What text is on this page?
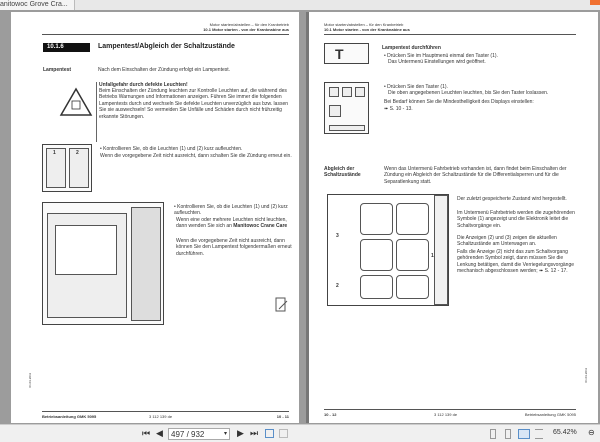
anitowoc Grove Cra...
Motor starten/abstellen – für den Kranbetrieb
10.1 Motor starten - von der Kranknabine aus
10.1.6	Lampentest/Abgleich der Schaltzustände
Lampentest	Nach dem Einschalten der Zündung erfolgt ein Lampentest.
Unfallgefahr durch defekte Leuchten!
Beim Einschalten der Zündung leuchten zur Kontrolle Leuchten auf, die während des Betriebs Warnungen und Informationen anzeigen. Führen Sie immer die folgenden Lampentests durch und wechseln Sie defekte Leuchten unverzüglich aus bzw. lassen Sie sie auswechseln! So vermeiden Sie Unfälle und Schäden durch nicht frühzeitig erkannte Störungen.
1	2
• Kontrollieren Sie, ob die Leuchten (1) und (2) kurz aufleuchten.
Wenn die vorgegebene Zeit nicht ausreicht, dann schalten Sie die Zündung erneut ein.
• Kontrollieren Sie, ob die Leuchten (1) und (2) kurz aufleuchten.
Wenn eine oder mehrere Leuchten nicht leuchten, dann wenden Sie sich an Manitowoc Crane Care
Wenn die vorgegebene Zeit nicht ausreicht, dann können Sie den Lampentest folgendermaßen erneut durchführen.
01.03.2011
Betriebsanleitung GMK 5095	3 112 139 de	10 - 11
Motor starten/abstellen – für den Kranbetrieb
10.1 Motor starten - von der Kranknabine aus
T	Lampentest durchführen
• Drücken Sie im Hauptmenü einmal den Taster (1).
Das Untermenü Einstellungen wird geöffnet.
• Drücken Sie den Taster (1).
Die oben angegebenen Leuchten leuchten, bis Sie den Taster loslassen.
Bei Bedarf können Sie die Mindesthelligkeit des Displays einstellen:
➠ S. 10 - 13.
Abgleich der Schaltzustände
Wenn das Untermenü Fahrbetrieb vorhanden ist, dann findet beim Einschalten der Zündung ein Abgleich der Schaltzustände für die Differentialsperren und für die Separatlenkung statt.
3
2
1
Der zuletzt gespeicherte Zustand wird hergestellt.
Im Untermenü Fahrbetrieb werden die zugehörenden Symbole (1) angezeigt und die Elektronik leitet die Schaltvorgänge ein.
Die Anzeigen (2) und (3) zeigen die aktuellen Schaltzustände am Unterwagen an.
Falls die Anzeige (2) nicht das zum Schaltvorgang gehörenden Symbol zeigt, dann müssen Sie die Lenkung betätigen, damit die Verriegelungsvorgänge mechanisch abgeschlossen werden; ➠ S. 12 - 17.
01.03.2011
10 - 12	3 112 139 de	Betriebsanleitung GMK 5095
⏮ ◀	497 / 932	▾ ▶ ⏭	65.42% ⊖
